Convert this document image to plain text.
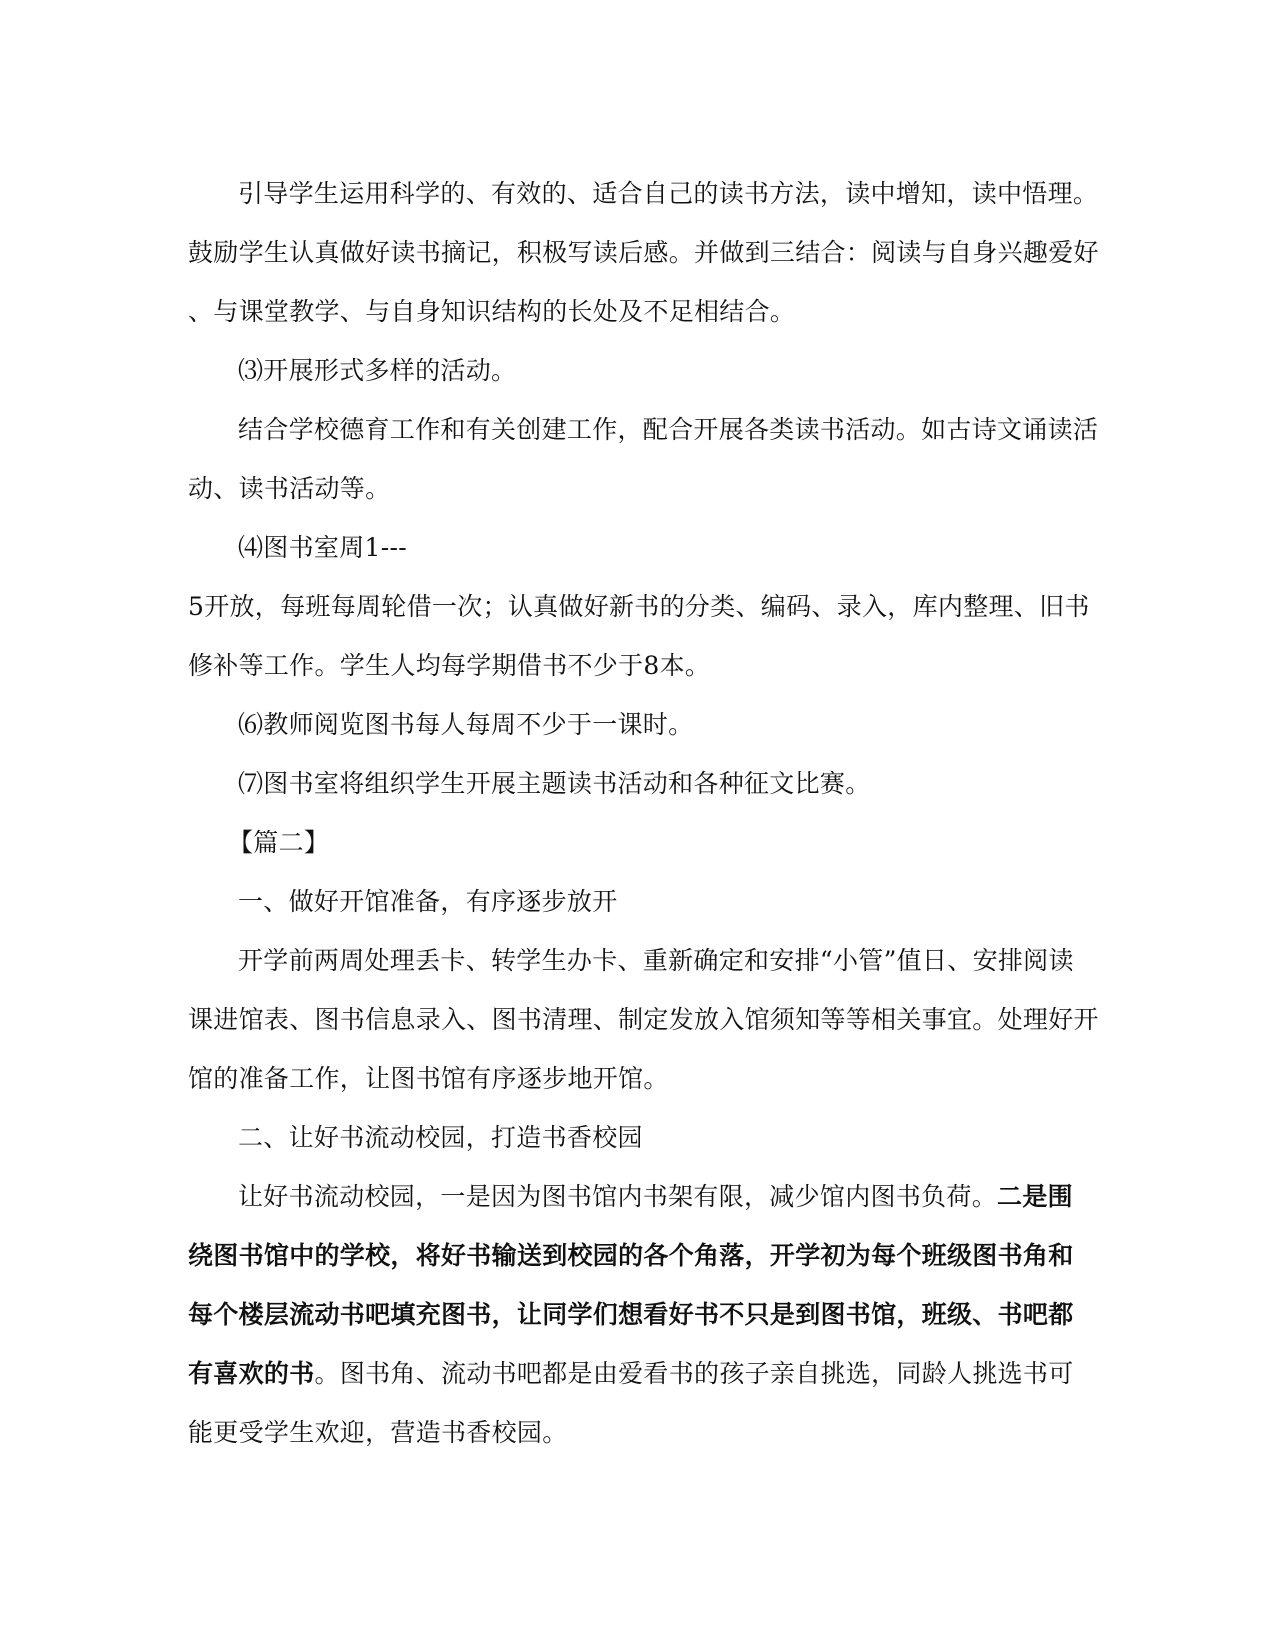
引导学生运用科学的、有效的、适合自己的读书方法，读中增知，读中悟理。
鼓励学生认真做好读书摘记，积极写读后感。并做到三结合：阅读与自身兴趣爱好
、与课堂教学、与自身知识结构的长处及不足相结合。
⑶开展形式多样的活动。
结合学校德育工作和有关创建工作，配合开展各类读书活动。如古诗文诵读活
动、读书活动等。
⑷图书室周1---
5开放，每班每周轮借一次；认真做好新书的分类、编码、录入，库内整理、旧书
修补等工作。学生人均每学期借书不少于8本。
⑹教师阅览图书每人每周不少于一课时。
⑺图书室将组织学生开展主题读书活动和各种征文比赛。
【篇二】
一、做好开馆准备，有序逐步放开
开学前两周处理丢卡、转学生办卡、重新确定和安排“小管”值日、安排阅读
课进馆表、图书信息录入、图书清理、制定发放入馆须知等等相关事宜。处理好开
馆的准备工作，让图书馆有序逐步地开馆。
二、让好书流动校园，打造书香校园
让好书流动校园，一是因为图书馆内书架有限，减少馆内图书负荷。二是围
绕图书馆中的学校，将好书输送到校园的各个角落，开学初为每个班级图书角和
每个楼层流动书吧填充图书，让同学们想看好书不只是到图书馆，班级、书吧都
有喜欢的书。图书角、流动书吧都是由爱看书的孩子亲自挑选，同龄人挑选书可
能更受学生欢迎，营造书香校园。
